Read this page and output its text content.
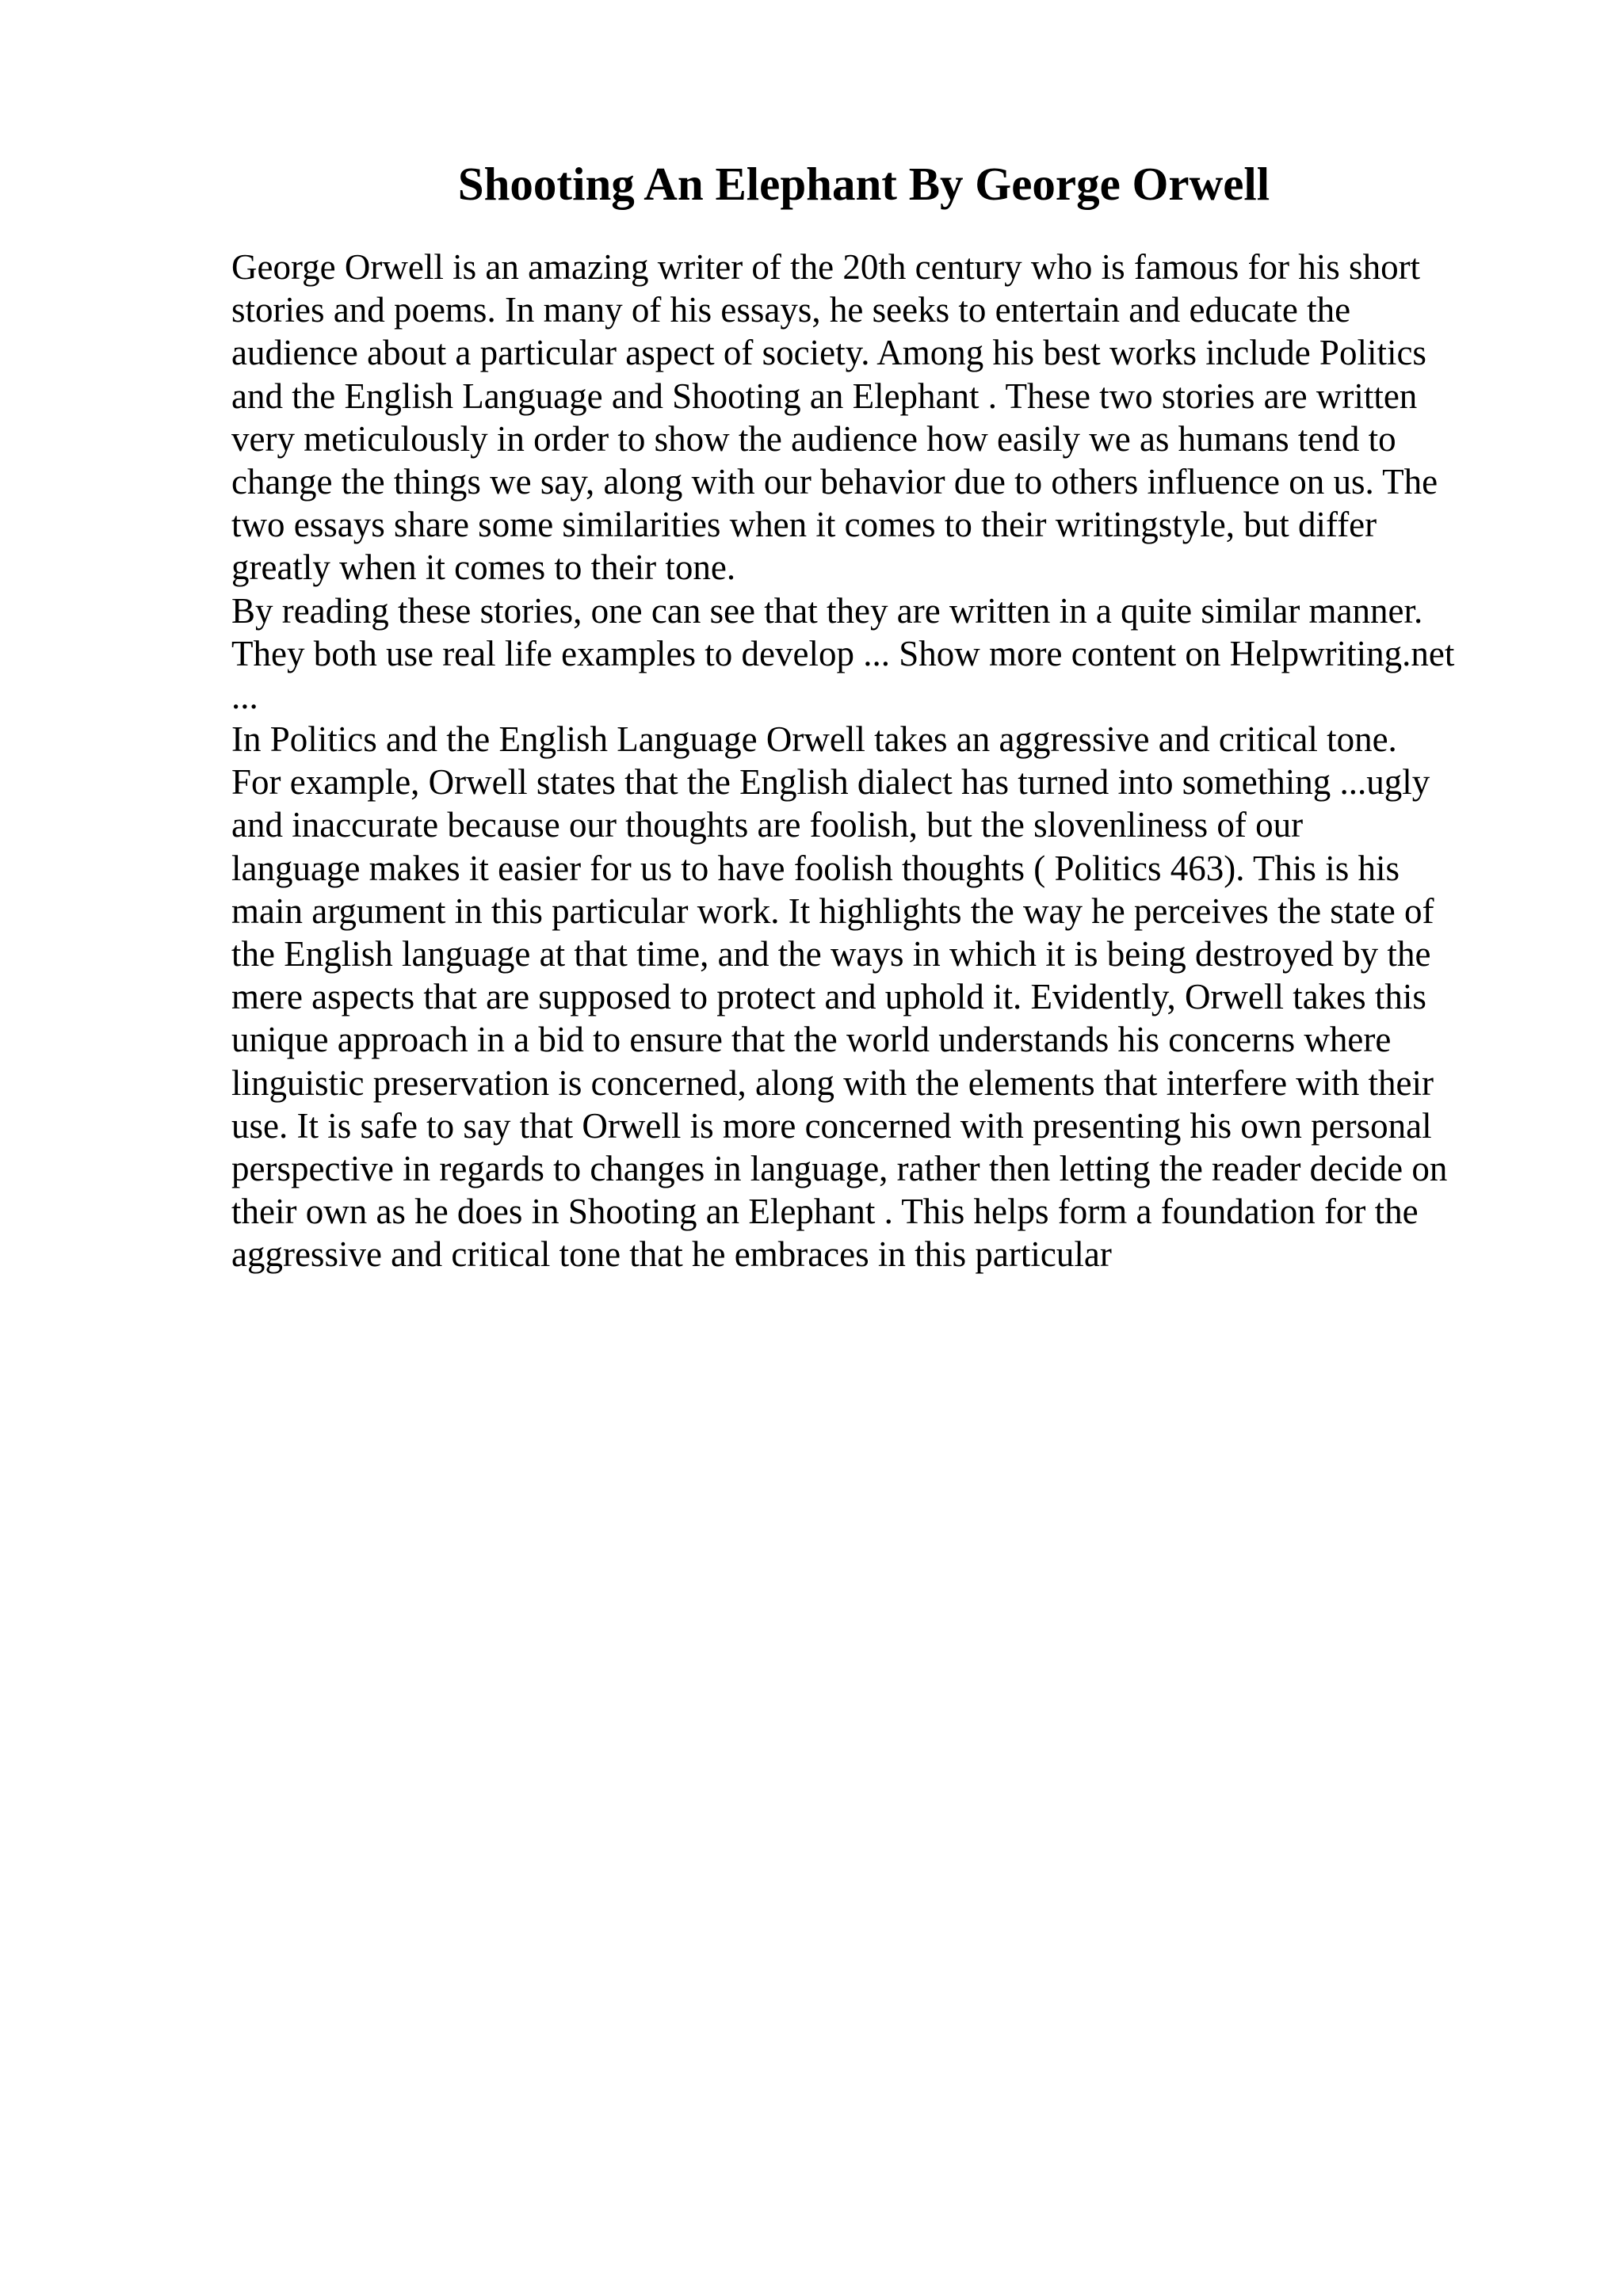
Shooting An Elephant By George Orwell
George Orwell is an amazing writer of the 20th century who is famous for his short
stories and poems. In many of his essays, he seeks to entertain and educate the
audience about a particular aspect of society. Among his best works include Politics
and the English Language and Shooting an Elephant . These two stories are written
very meticulously in order to show the audience how easily we as humans tend to
change the things we say, along with our behavior due to others influence on us. The
two essays share some similarities when it comes to their writingstyle, but differ
greatly when it comes to their tone.
By reading these stories, one can see that they are written in a quite similar manner.
They both use real life examples to develop ... Show more content on Helpwriting.net
...
In Politics and the English Language Orwell takes an aggressive and critical tone.
For example, Orwell states that the English dialect has turned into something ...ugly
and inaccurate because our thoughts are foolish, but the slovenliness of our
language makes it easier for us to have foolish thoughts ( Politics 463). This is his
main argument in this particular work. It highlights the way he perceives the state of
the English language at that time, and the ways in which it is being destroyed by the
mere aspects that are supposed to protect and uphold it. Evidently, Orwell takes this
unique approach in a bid to ensure that the world understands his concerns where
linguistic preservation is concerned, along with the elements that interfere with their
use. It is safe to say that Orwell is more concerned with presenting his own personal
perspective in regards to changes in language, rather then letting the reader decide on
their own as he does in Shooting an Elephant . This helps form a foundation for the
aggressive and critical tone that he embraces in this particular
